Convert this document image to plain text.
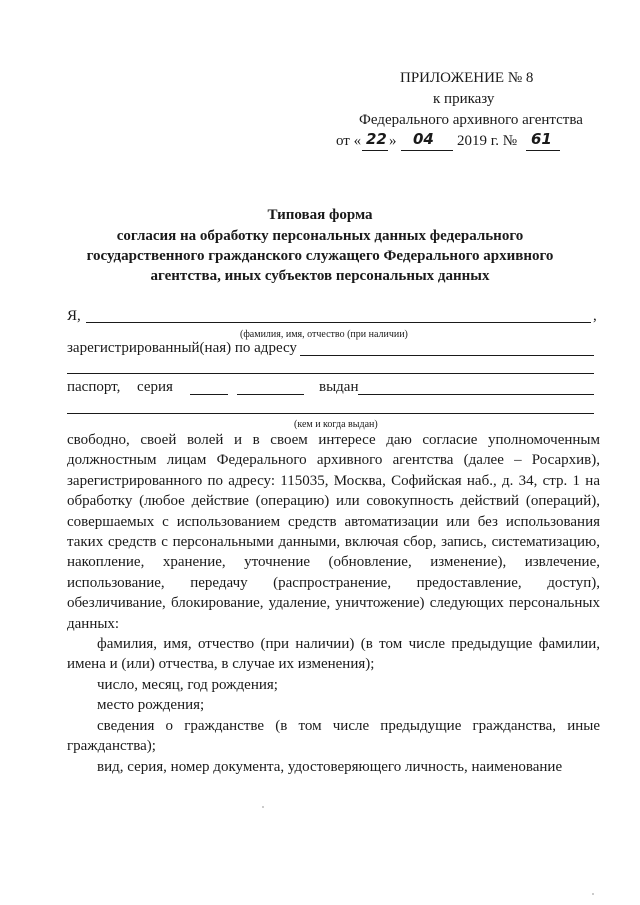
ПРИЛОЖЕНИЕ № 8
к приказу
Федерального архивного агентства
от « 22 » 04 2019 г. № 61
Типовая форма
согласия на обработку персональных данных федерального
государственного гражданского служащего Федерального архивного
агентства, иных субъектов персональных данных
Я,	,
(фамилия, имя, отчество (при наличии)
зарегистрированный(ная) по адресу
паспорт, серия	выдан
(кем и когда выдан)

свободно, своей волей и в своем интересе даю согласие уполномоченным должностным лицам Федерального архивного агентства (далее – Росархив), зарегистрированного по адресу: 115035, Москва, Софийская наб., д. 34, стр. 1 на обработку (любое действие (операцию) или совокупность действий (операций), совершаемых с использованием средств автоматизации или без использования таких средств с персональными данными, включая сбор, запись, систематизацию, накопление, хранение, уточнение (обновление, изменение), извлечение, использование, передачу (распространение, предоставление, доступ), обезличивание, блокирование, удаление, уничтожение) следующих персональных данных:

фамилия, имя, отчество (при наличии) (в том числе предыдущие фамилии, имена и (или) отчества, в случае их изменения);

число, месяц, год рождения;

место рождения;

сведения о гражданстве (в том числе предыдущие гражданства, иные гражданства);

вид, серия, номер документа, удостоверяющего личность, наименование
